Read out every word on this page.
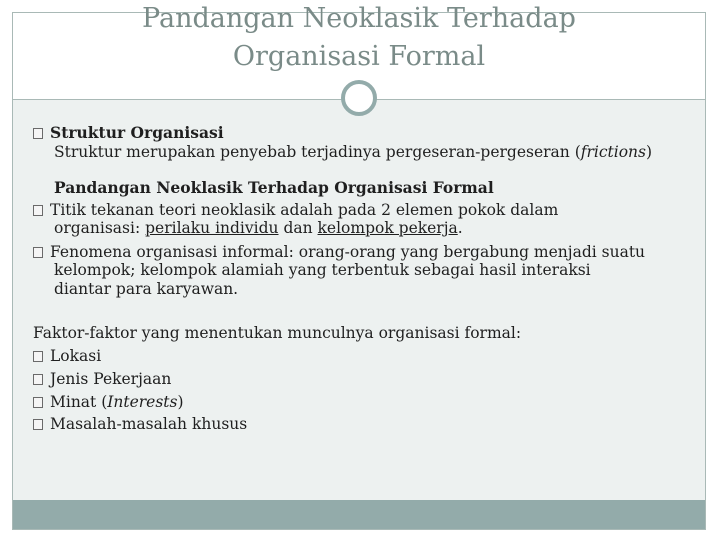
Pandangan Neoklasik Terhadap
Organisasi Formal
Struktur Organisasi
Struktur merupakan penyebab terjadinya pergeseran-pergeseran (frictions)
Pandangan Neoklasik Terhadap Organisasi Formal
Titik tekanan teori neoklasik adalah pada 2 elemen pokok dalam
organisasi: perilaku individu dan kelompok pekerja.
Fenomena organisasi informal: orang-orang yang bergabung menjadi suatu
kelompok; kelompok alamiah yang terbentuk sebagai hasil interaksi
diantar para karyawan.
Faktor-faktor yang menentukan munculnya organisasi formal:
Lokasi
Jenis Pekerjaan
Minat (Interests)
Masalah-masalah khusus
